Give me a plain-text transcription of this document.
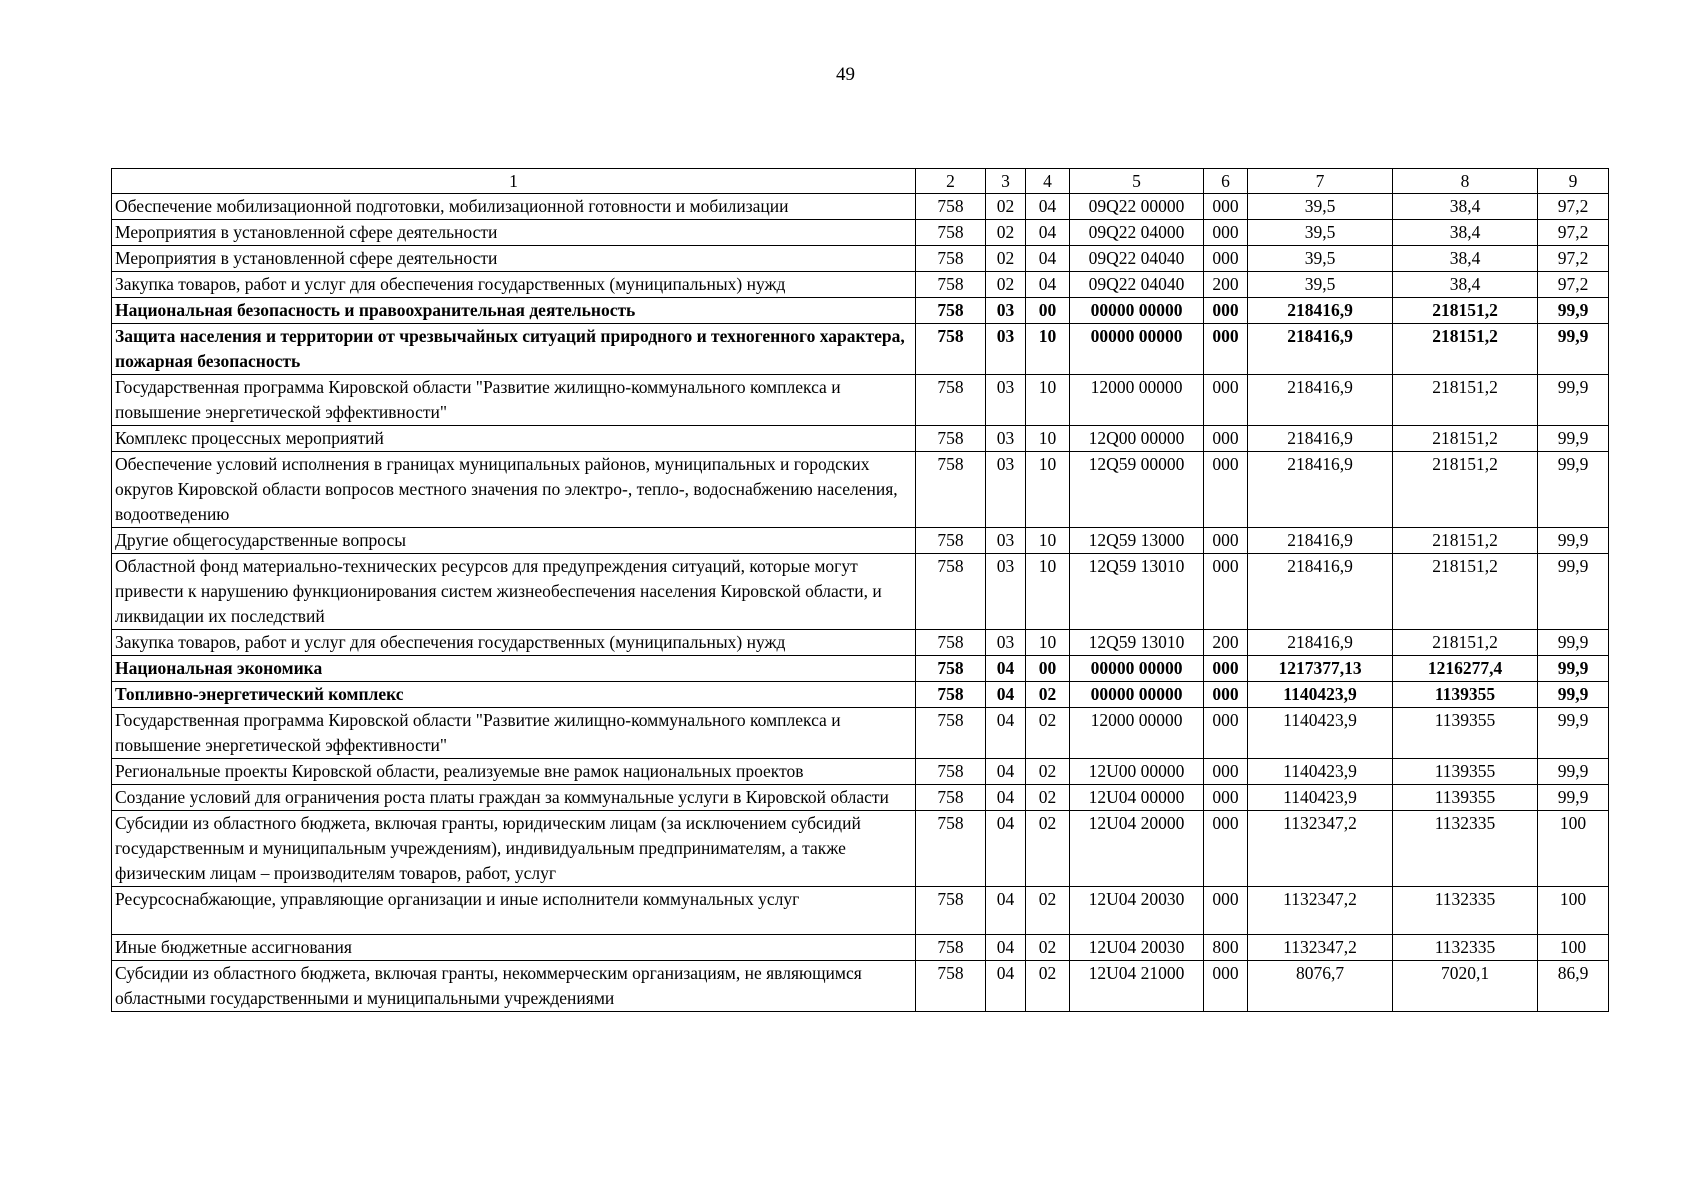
49
1	2	3	4	5	6	7	8	9
Обеспечение мобилизационной подготовки, мобилизационной готовности и мобилизации	758	02	04	09Q22 00000	000	39,5	38,4	97,2
Мероприятия в установленной сфере деятельности	758	02	04	09Q22 04000	000	39,5	38,4	97,2
Мероприятия в установленной сфере деятельности	758	02	04	09Q22 04040	000	39,5	38,4	97,2
Закупка товаров, работ и услуг для обеспечения государственных (муниципальных) нужд	758	02	04	09Q22 04040	200	39,5	38,4	97,2
Национальная безопасность и правоохранительная деятельность	758	03	00	00000 00000	000	218416,9	218151,2	99,9
Защита населения и территории от чрезвычайных ситуаций природного и техногенного характера, пожарная безопасность	758	03	10	00000 00000	000	218416,9	218151,2	99,9
Государственная программа Кировской области "Развитие жилищно-коммунального комплекса и повышение энергетической эффективности"	758	03	10	12000 00000	000	218416,9	218151,2	99,9
Комплекс процессных мероприятий	758	03	10	12Q00 00000	000	218416,9	218151,2	99,9
Обеспечение условий исполнения в границах муниципальных районов, муниципальных и городских округов Кировской области вопросов местного значения по электро-, тепло-, водоснабжению населения, водоотведению	758	03	10	12Q59 00000	000	218416,9	218151,2	99,9
Другие общегосударственные вопросы	758	03	10	12Q59 13000	000	218416,9	218151,2	99,9
Областной фонд материально-технических ресурсов для предупреждения ситуаций, которые могут привести к нарушению функционирования систем жизнеобеспечения населения Кировской области, и ликвидации их последствий	758	03	10	12Q59 13010	000	218416,9	218151,2	99,9
Закупка товаров, работ и услуг для обеспечения государственных (муниципальных) нужд	758	03	10	12Q59 13010	200	218416,9	218151,2	99,9
Национальная экономика	758	04	00	00000 00000	000	1217377,13	1216277,4	99,9
Топливно-энергетический комплекс	758	04	02	00000 00000	000	1140423,9	1139355	99,9
Государственная программа Кировской области "Развитие жилищно-коммунального комплекса и повышение энергетической эффективности"	758	04	02	12000 00000	000	1140423,9	1139355	99,9
Региональные проекты Кировской области, реализуемые вне рамок национальных проектов	758	04	02	12U00 00000	000	1140423,9	1139355	99,9
Создание условий для ограничения роста платы граждан за коммунальные услуги в Кировской области	758	04	02	12U04 00000	000	1140423,9	1139355	99,9
Субсидии из областного бюджета, включая гранты, юридическим лицам (за исключением субсидий государственным и муниципальным учреждениям), индивидуальным предпринимателям, а также физическим лицам – производителям товаров, работ, услуг	758	04	02	12U04 20000	000	1132347,2	1132335	100
Ресурсоснабжающие, управляющие организации и иные исполнители коммунальных услуг	758	04	02	12U04 20030	000	1132347,2	1132335	100
Иные бюджетные ассигнования	758	04	02	12U04 20030	800	1132347,2	1132335	100
Субсидии из областного бюджета, включая гранты, некоммерческим организациям, не являющимся областными государственными и муниципальными учреждениями	758	04	02	12U04 21000	000	8076,7	7020,1	86,9
